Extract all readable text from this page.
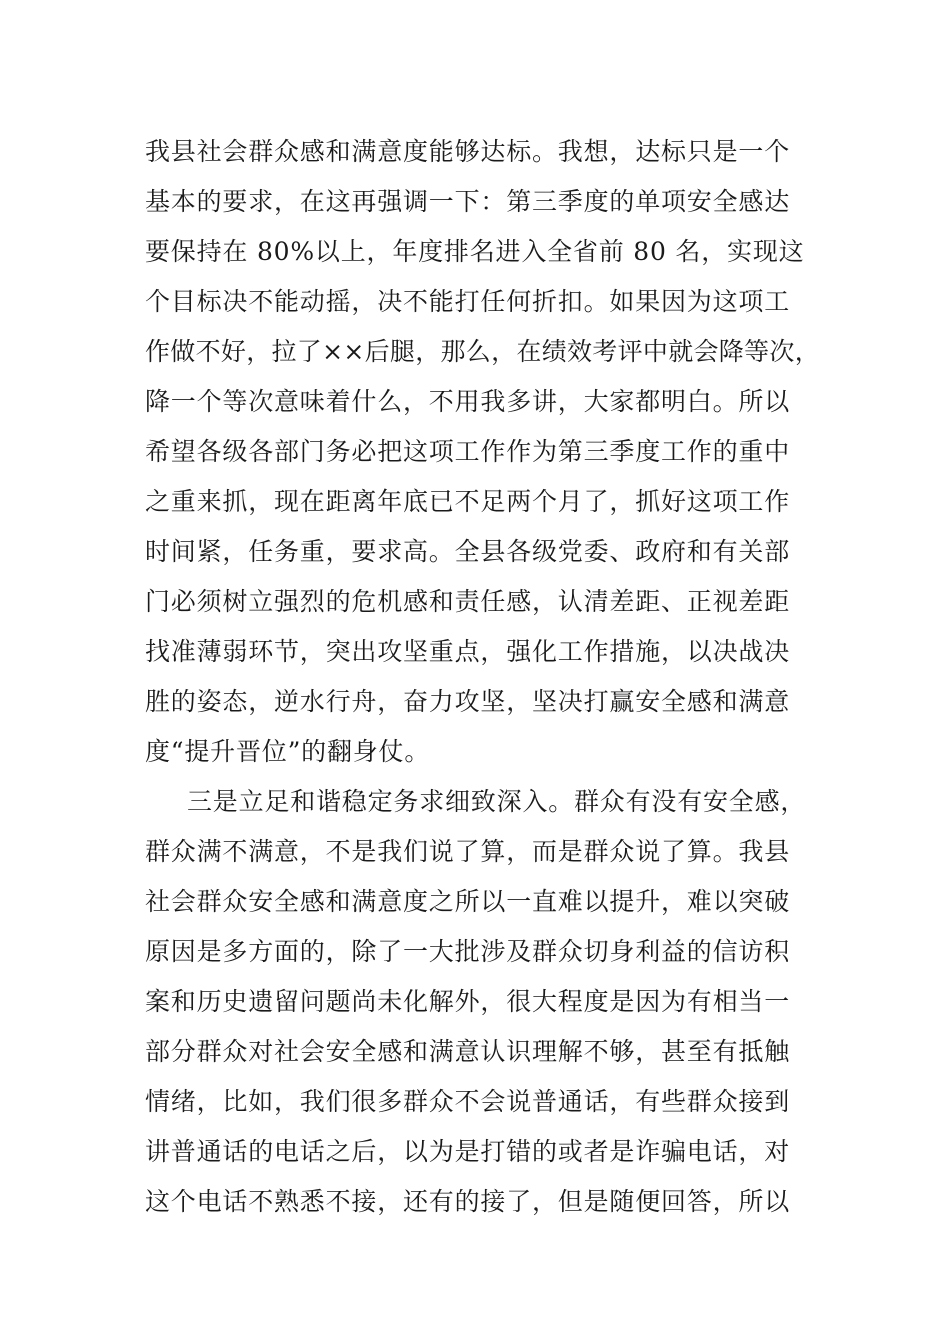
我县社会群众感和满意度能够达标。我想，达标只是一个
基本的要求，在这再强调一下：第三季度的单项安全感达
要保持在 80%以上，年度排名进入全省前 80 名，实现这
个目标决不能动摇，决不能打任何折扣。如果因为这项工
作做不好，拉了××后腿，那么，在绩效考评中就会降等次，
降一个等次意味着什么，不用我多讲，大家都明白。所以
希望各级各部门务必把这项工作作为第三季度工作的重中
之重来抓，现在距离年底已不足两个月了，抓好这项工作
时间紧，任务重，要求高。全县各级党委、政府和有关部
门必须树立强烈的危机感和责任感，认清差距、正视差距
找准薄弱环节，突出攻坚重点，强化工作措施，以决战决
胜的姿态，逆水行舟，奋力攻坚，坚决打赢安全感和满意
度“提升晋位”的翻身仗。
三是立足和谐稳定务求细致深入。群众有没有安全感，
群众满不满意，不是我们说了算，而是群众说了算。我县
社会群众安全感和满意度之所以一直难以提升，难以突破
原因是多方面的，除了一大批涉及群众切身利益的信访积
案和历史遗留问题尚未化解外，很大程度是因为有相当一
部分群众对社会安全感和满意认识理解不够，甚至有抵触
情绪，比如，我们很多群众不会说普通话，有些群众接到
讲普通话的电话之后，以为是打错的或者是诈骗电话，对
这个电话不熟悉不接，还有的接了，但是随便回答，所以
